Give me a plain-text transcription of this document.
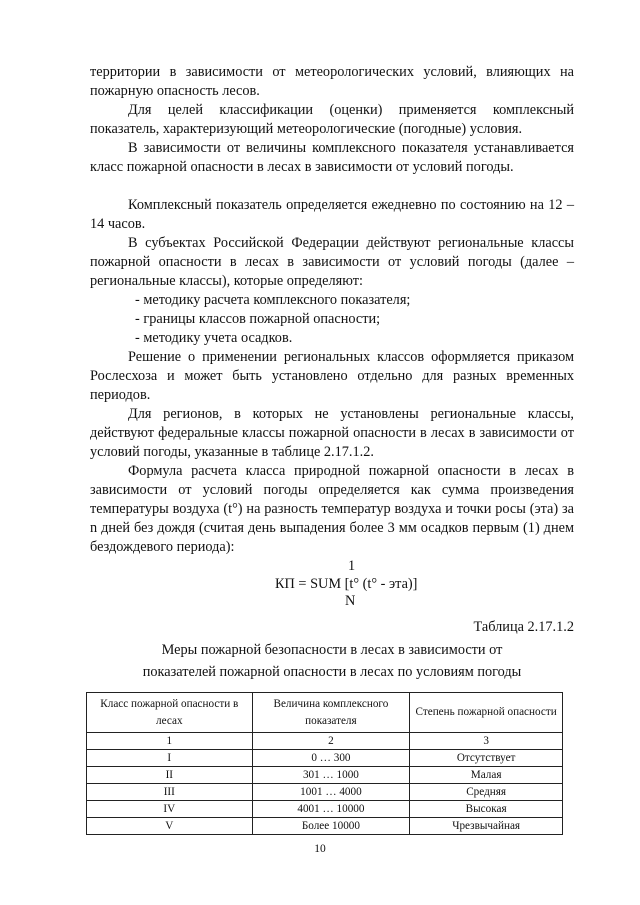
территории в зависимости от метеорологических условий, влияющих на пожарную опасность лесов.

Для целей классификации (оценки) применяется комплексный показатель, характеризующий метеорологические (погодные) условия.

В зависимости от величины комплексного показателя устанавливается класс пожарной опасности в лесах в зависимости от условий погоды.

Комплексный показатель определяется ежедневно по состоянию на 12 – 14 часов.

В субъектах Российской Федерации действуют региональные классы пожарной опасности в лесах в зависимости от условий погоды (далее – региональные классы), которые определяют:

- методику расчета комплексного показателя;

- границы классов пожарной опасности;

- методику учета осадков.

Решение о применении региональных классов оформляется приказом Рослесхоза и может быть установлено отдельно для разных временных периодов.

Для регионов, в которых не установлены региональные классы, действуют федеральные классы пожарной опасности в лесах в зависимости от условий погоды, указанные в таблице 2.17.1.2.

Формула расчета класса природной пожарной опасности в лесах в зависимости от условий погоды определяется как сумма произведения температуры воздуха (t°) на разность температур воздуха и точки росы (эта) за n дней без дождя (считая день выпадения более 3 мм осадков первым (1) днем бездождевого периода):

1
КП = SUM [t° (t° - эта)]
N
Таблица 2.17.1.2
Меры пожарной безопасности в лесах в зависимости от
показателей пожарной опасности в лесах по условиям погоды
Класс пожарной опасности в лесах	Величина комплексного показателя	Степень пожарной опасности
1	2	3
I	0 … 300	Отсутствует
II	301 … 1000	Малая
III	1001 … 4000	Средняя
IV	4001 … 10000	Высокая
V	Более 10000	Чрезвычайная
10
